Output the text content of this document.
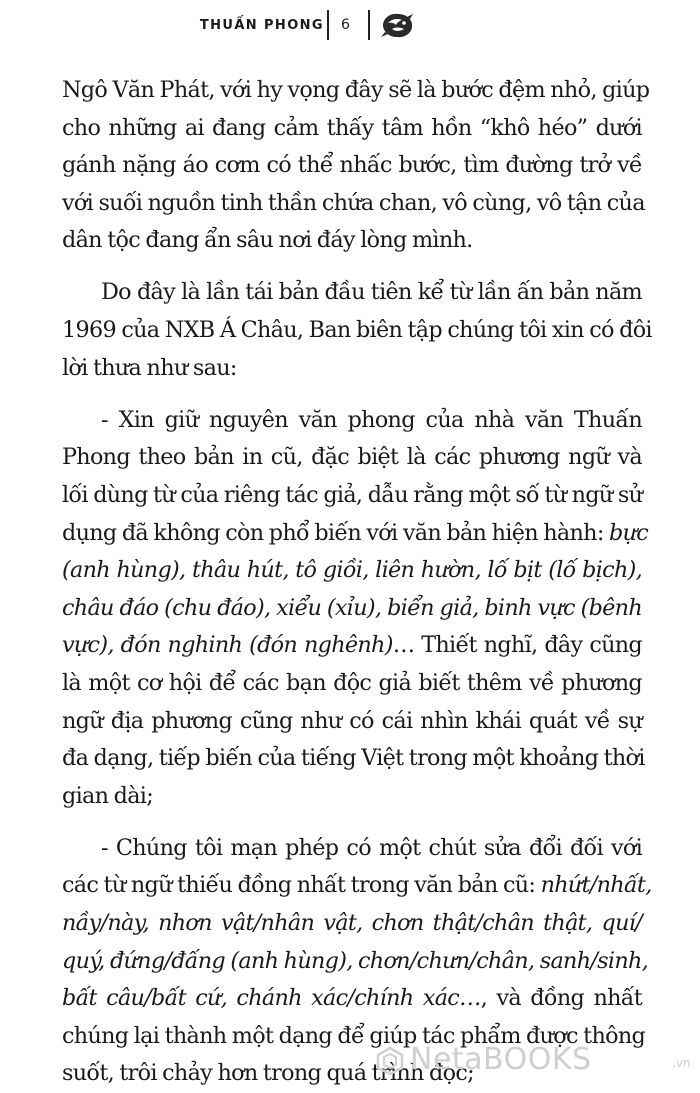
THUẤN PHONG 6
Ngô Văn Phát, với hy vọng đây sẽ là bước đệm nhỏ, giúp
cho những ai đang cảm thấy tâm hồn “khô héo” dưới
gánh nặng áo cơm có thể nhấc bước, tìm đường trở về
với suối nguồn tinh thần chứa chan, vô cùng, vô tận của
dân tộc đang ẩn sâu nơi đáy lòng mình.
Do đây là lần tái bản đầu tiên kể từ lần ấn bản năm
1969 của NXB Á Châu, Ban biên tập chúng tôi xin có đôi
lời thưa như sau:
- Xin giữ nguyên văn phong của nhà văn Thuấn
Phong theo bản in cũ, đặc biệt là các phương ngữ và
lối dùng từ của riêng tác giả, dẫu rằng một số từ ngữ sử
dụng đã không còn phổ biến với văn bản hiện hành: bực
(anh hùng), thâu hút, tô giồi, liên hườn, lố bịt (lố bịch),
châu đáo (chu đáo), xiểu (xỉu), biển giả, binh vực (bênh
vực), đón nghinh (đón nghênh)… Thiết nghĩ, đây cũng
là một cơ hội để các bạn độc giả biết thêm về phương
ngữ địa phương cũng như có cái nhìn khái quát về sự
đa dạng, tiếp biến của tiếng Việt trong một khoảng thời
gian dài;
- Chúng tôi mạn phép có một chút sửa đổi đối với
các từ ngữ thiếu đồng nhất trong văn bản cũ: nhứt/nhất,
nầy/này, nhơn vật/nhân vật, chơn thật/chân thật, quí/
quý, đứng/đấng (anh hùng), chơn/chưn/chân, sanh/sinh,
bất câu/bất cứ, chánh xác/chính xác…, và đồng nhất
chúng lại thành một dạng để giúp tác phẩm được thông
suốt, trôi chảy hơn trong quá trình đọc;
NetaBOOKS	.vn
